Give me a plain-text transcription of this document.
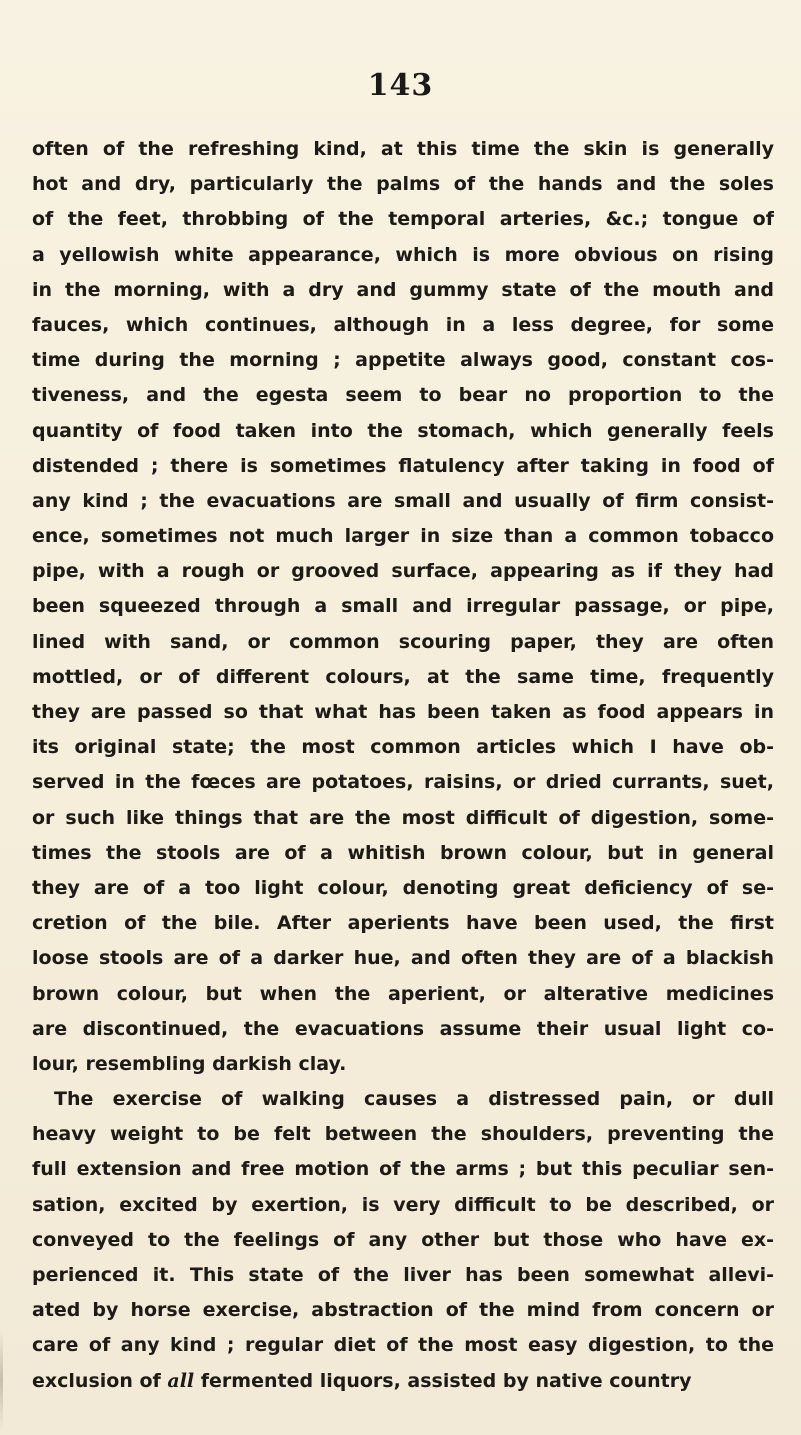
143
often of the refreshing kind, at this time the skin is generally
hot and dry, particularly the palms of the hands and the soles
of the feet, throbbing of the temporal arteries, &c.; tongue of
a yellowish white appearance, which is more obvious on rising
in the morning, with a dry and gummy state of the mouth and
fauces, which continues, although in a less degree, for some
time during the morning ; appetite always good, constant cos-
tiveness, and the egesta seem to bear no proportion to the
quantity of food taken into the stomach, which generally feels
distended ; there is sometimes flatulency after taking in food of
any kind ; the evacuations are small and usually of firm consist-
ence, sometimes not much larger in size than a common tobacco
pipe, with a rough or grooved surface, appearing as if they had
been squeezed through a small and irregular passage, or pipe,
lined with sand, or common scouring paper, they are often
mottled, or of different colours, at the same time, frequently
they are passed so that what has been taken as food appears in
its original state; the most common articles which I have ob-
served in the fœces are potatoes, raisins, or dried currants, suet,
or such like things that are the most difficult of digestion, some-
times the stools are of a whitish brown colour, but in general
they are of a too light colour, denoting great deficiency of se-
cretion of the bile. After aperients have been used, the first
loose stools are of a darker hue, and often they are of a blackish
brown colour, but when the aperient, or alterative medicines
are discontinued, the evacuations assume their usual light co-
lour, resembling darkish clay.
The exercise of walking causes a distressed pain, or dull
heavy weight to be felt between the shoulders, preventing the
full extension and free motion of the arms ; but this peculiar sen-
sation, excited by exertion, is very difficult to be described, or
conveyed to the feelings of any other but those who have ex-
perienced it. This state of the liver has been somewhat allevi-
ated by horse exercise, abstraction of the mind from concern or
care of any kind ; regular diet of the most easy digestion, to the
exclusion of all fermented liquors, assisted by native country
